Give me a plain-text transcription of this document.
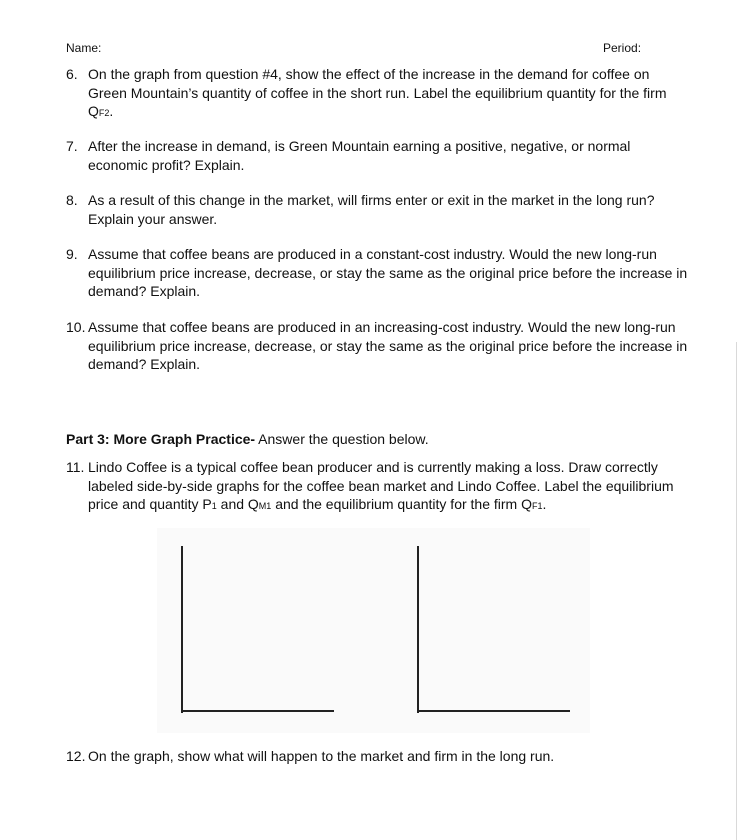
Name:	Period:
6. On the graph from question #4, show the effect of the increase in the demand for coffee on Green Mountain’s quantity of coffee in the short run. Label the equilibrium quantity for the firm QF2.
7. After the increase in demand, is Green Mountain earning a positive, negative, or normal economic profit? Explain.
8. As a result of this change in the market, will firms enter or exit in the market in the long run? Explain your answer.
9. Assume that coffee beans are produced in a constant-cost industry. Would the new long-run equilibrium price increase, decrease, or stay the same as the original price before the increase in demand? Explain.
10. Assume that coffee beans are produced in an increasing-cost industry. Would the new long-run equilibrium price increase, decrease, or stay the same as the original price before the increase in demand? Explain.
Part 3: More Graph Practice- Answer the question below.
11. Lindo Coffee is a typical coffee bean producer and is currently making a loss. Draw correctly labeled side-by-side graphs for the coffee bean market and Lindo Coffee. Label the equilibrium price and quantity P1 and QM1 and the equilibrium quantity for the firm QF1.
12. On the graph, show what will happen to the market and firm in the long run.
